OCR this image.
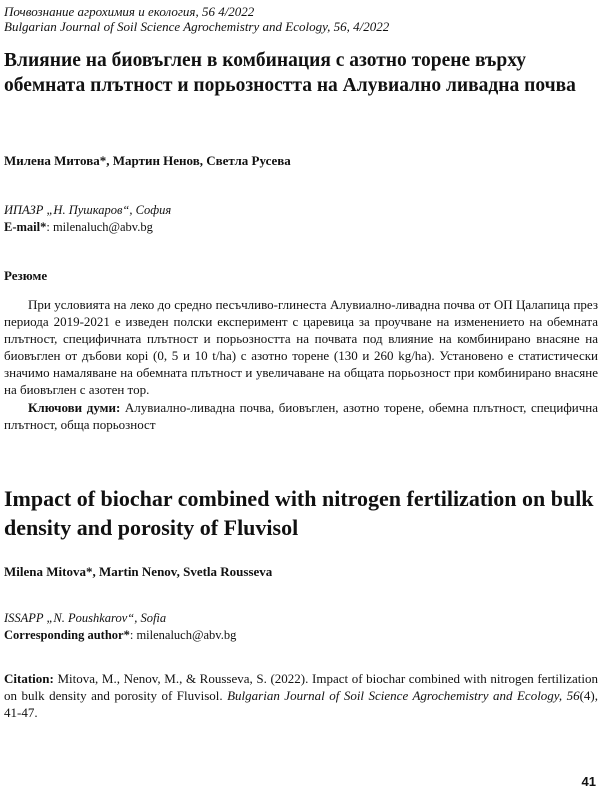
Почвознание агрохимия и екология, 56 4/2022
Bulgarian Journal of Soil Science Agrochemistry and Ecology, 56, 4/2022
Влияние на биовъглен в комбинация с азотно торене върху обемната плътност и порьозността на Алувиално ливадна почва
Милена Митова*, Мартин Ненов, Светла Русева
ИПАЗР „Н. Пушкаров“, София
E-mail*: milenaluch@abv.bg
Резюме

При условията на леко до средно песъчливо-глинеста Алувиално-ливадна почва от ОП Цалапица през периода 2019-2021 е изведен полски експеримент с царевица за проучване на изменението на обемната плътност, специфичната плътност и порьозността на почвата под влияние на комбинирано внасяне на биовъглен от дъбови корi (0, 5 и 10 t/ha) с азотно торене (130 и 260 kg/ha). Установено е статистически значимо намаляване на обемната плътност и увеличаване на общата порьозност при комбинирано внасяне на биовъглен с азотен тор.

Ключови думи: Алувиално-ливадна почва, биовъглен, азотно торене, обемна плътност, специфична плътност, обща порьозност

Impact of biochar combined with nitrogen fertilization on bulk density and porosity of Fluvisol
Milena Mitova*, Martin Nenov, Svetla Rousseva
ISSAPP „N. Poushkarov“, Sofia
Corresponding author*: milenaluch@abv.bg

Citation: Mitova, M., Nenov, M., & Rousseva, S. (2022). Impact of biochar combined with nitrogen fertilization on bulk density and porosity of Fluvisol. Bulgarian Journal of Soil Science Agrochemistry and Ecology, 56(4), 41-47.

41
